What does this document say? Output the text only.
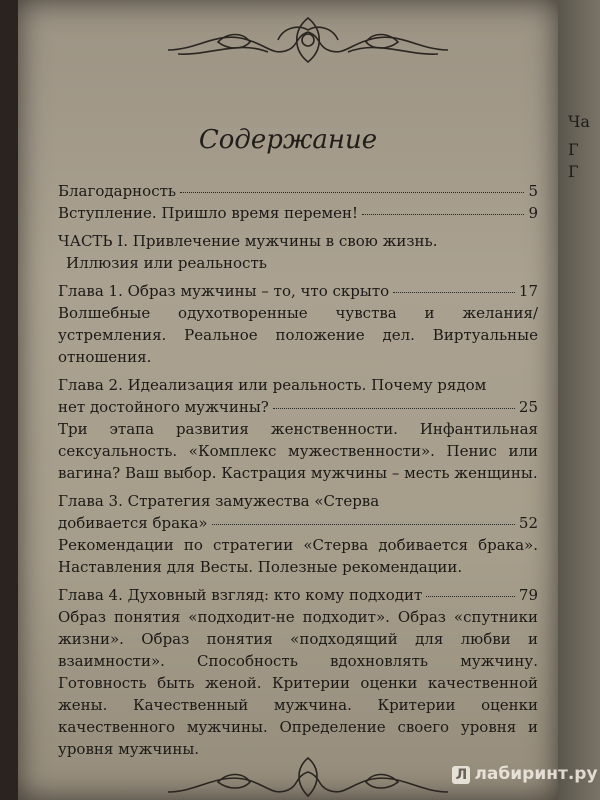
Содержание
Благодарность	5
Вступление. Пришло время перемен!	9
ЧАСТЬ I. Привлечение мужчины в свою жизнь.
Иллюзия или реальность
Глава 1. Образ мужчины – то, что скрыто	17
Волшебные одухотворенные чувства и желания/устремления. Реальное положение дел. Виртуальные отношения.
Глава 2. Идеализация или реальность. Почему рядом
нет достойного мужчины?	25
Три этапа развития женственности. Инфантильная сексуальность. «Комплекс мужественности». Пенис или вагина? Ваш выбор. Кастрация мужчины – месть женщины.
Глава 3. Стратегия замужества «Стерва
добивается брака»	52
Рекомендации по стратегии «Стерва добивается брака». Наставления для Весты. Полезные рекомендации.
Глава 4. Духовный взгляд: кто кому подходит	79
Образ понятия «подходит-не подходит». Образ «спутники жизни». Образ понятия «подходящий для любви и взаимности». Способность вдохновлять мужчину. Готовность быть женой. Критерии оценки качественной жены. Качественный мужчина. Критерии оценки качественного мужчины. Определение своего уровня и уровня мужчины.
Ча
Г
Г
Л лабиринт.ру
